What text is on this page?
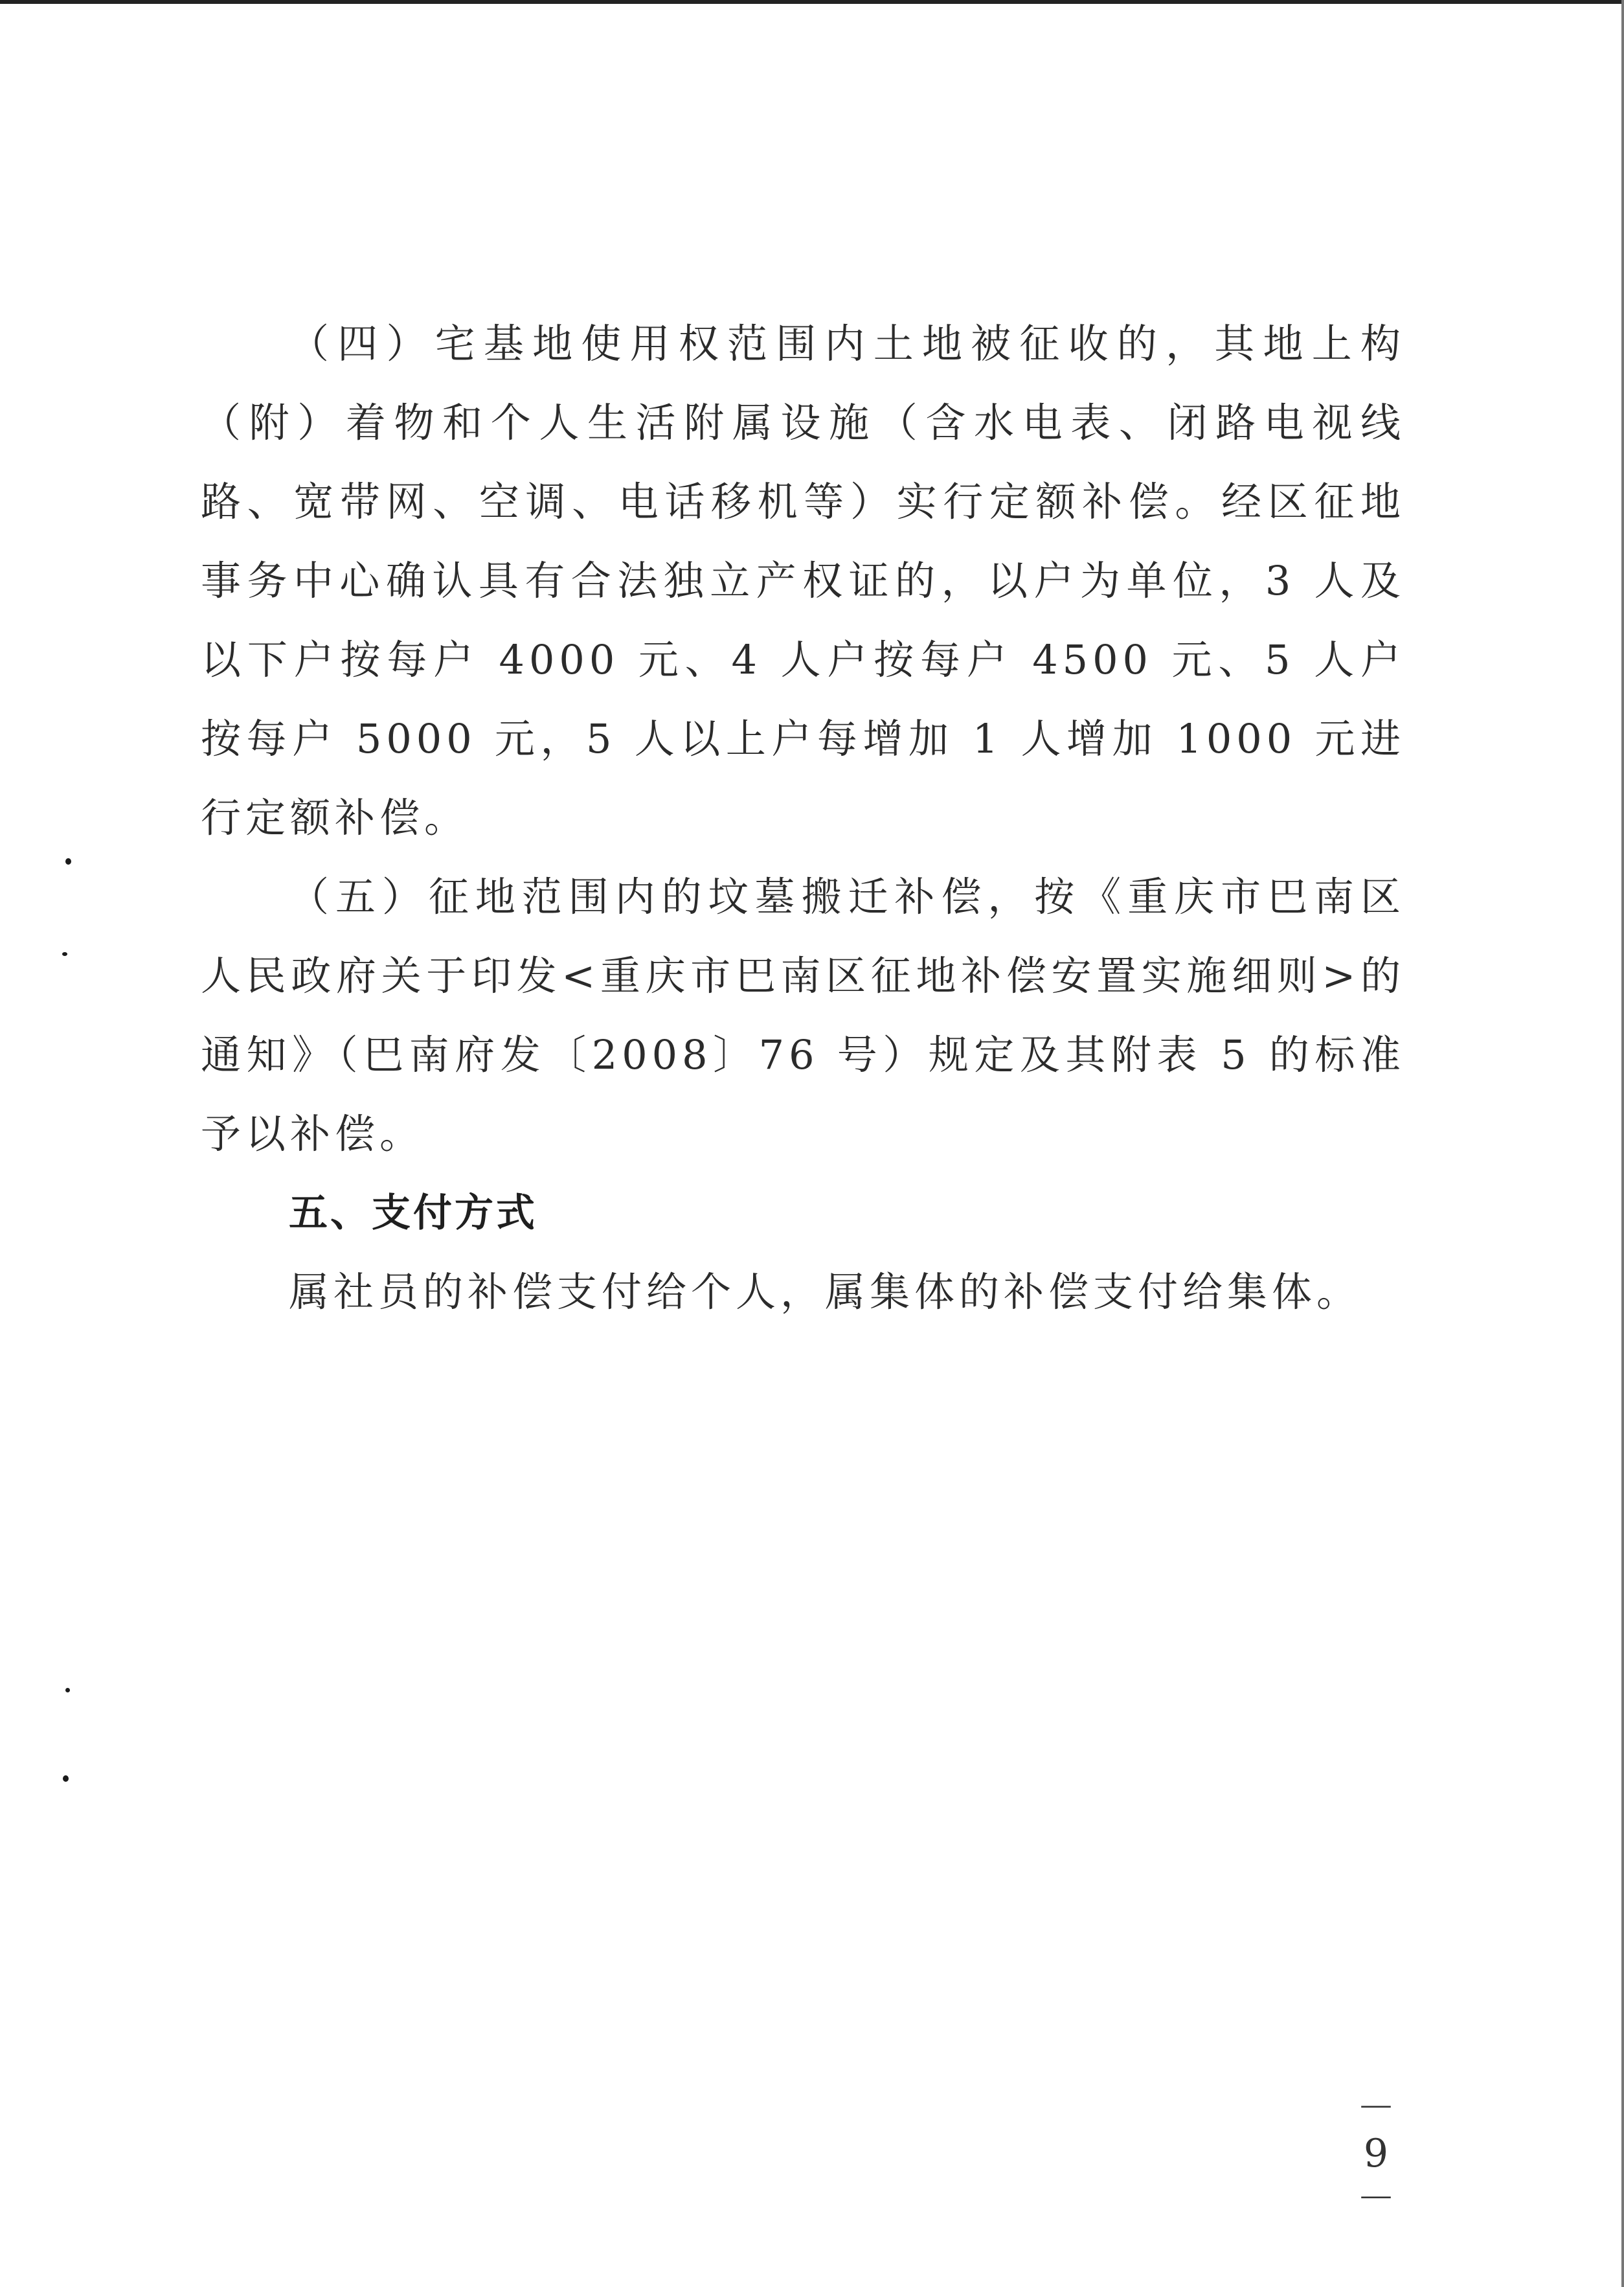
（四）宅基地使用权范围内土地被征收的，其地上构（附）着物和个人生活附属设施（含水电表、闭路电视线路、宽带网、空调、电话移机等）实行定额补偿。经区征地事务中心确认具有合法独立产权证的，以户为单位，3 人及以下户按每户 4000 元、4 人户按每户 4500 元、5 人户按每户 5000 元，5 人以上户每增加 1 人增加 1000 元进行定额补偿。

（五）征地范围内的坟墓搬迁补偿，按《重庆市巴南区人民政府关于印发<重庆市巴南区征地补偿安置实施细则>的通知》（巴南府发〔2008〕76 号）规定及其附表 5 的标准予以补偿。

五、支付方式

属社员的补偿支付给个人，属集体的补偿支付给集体。

－ 9 －
